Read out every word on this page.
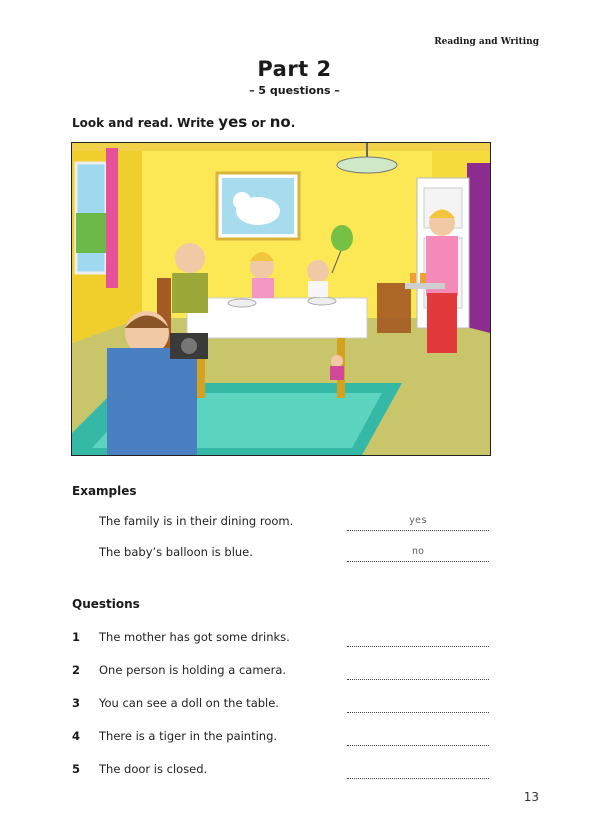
Reading and Writing
Part 2
– 5 questions –
Look and read. Write yes or no.
Examples
The family is in their dining room.	yes
The baby’s balloon is blue.	no
Questions
1 The mother has got some drinks.
2 One person is holding a camera.
3 You can see a doll on the table.
4 There is a tiger in the painting.
5 The door is closed.
13
